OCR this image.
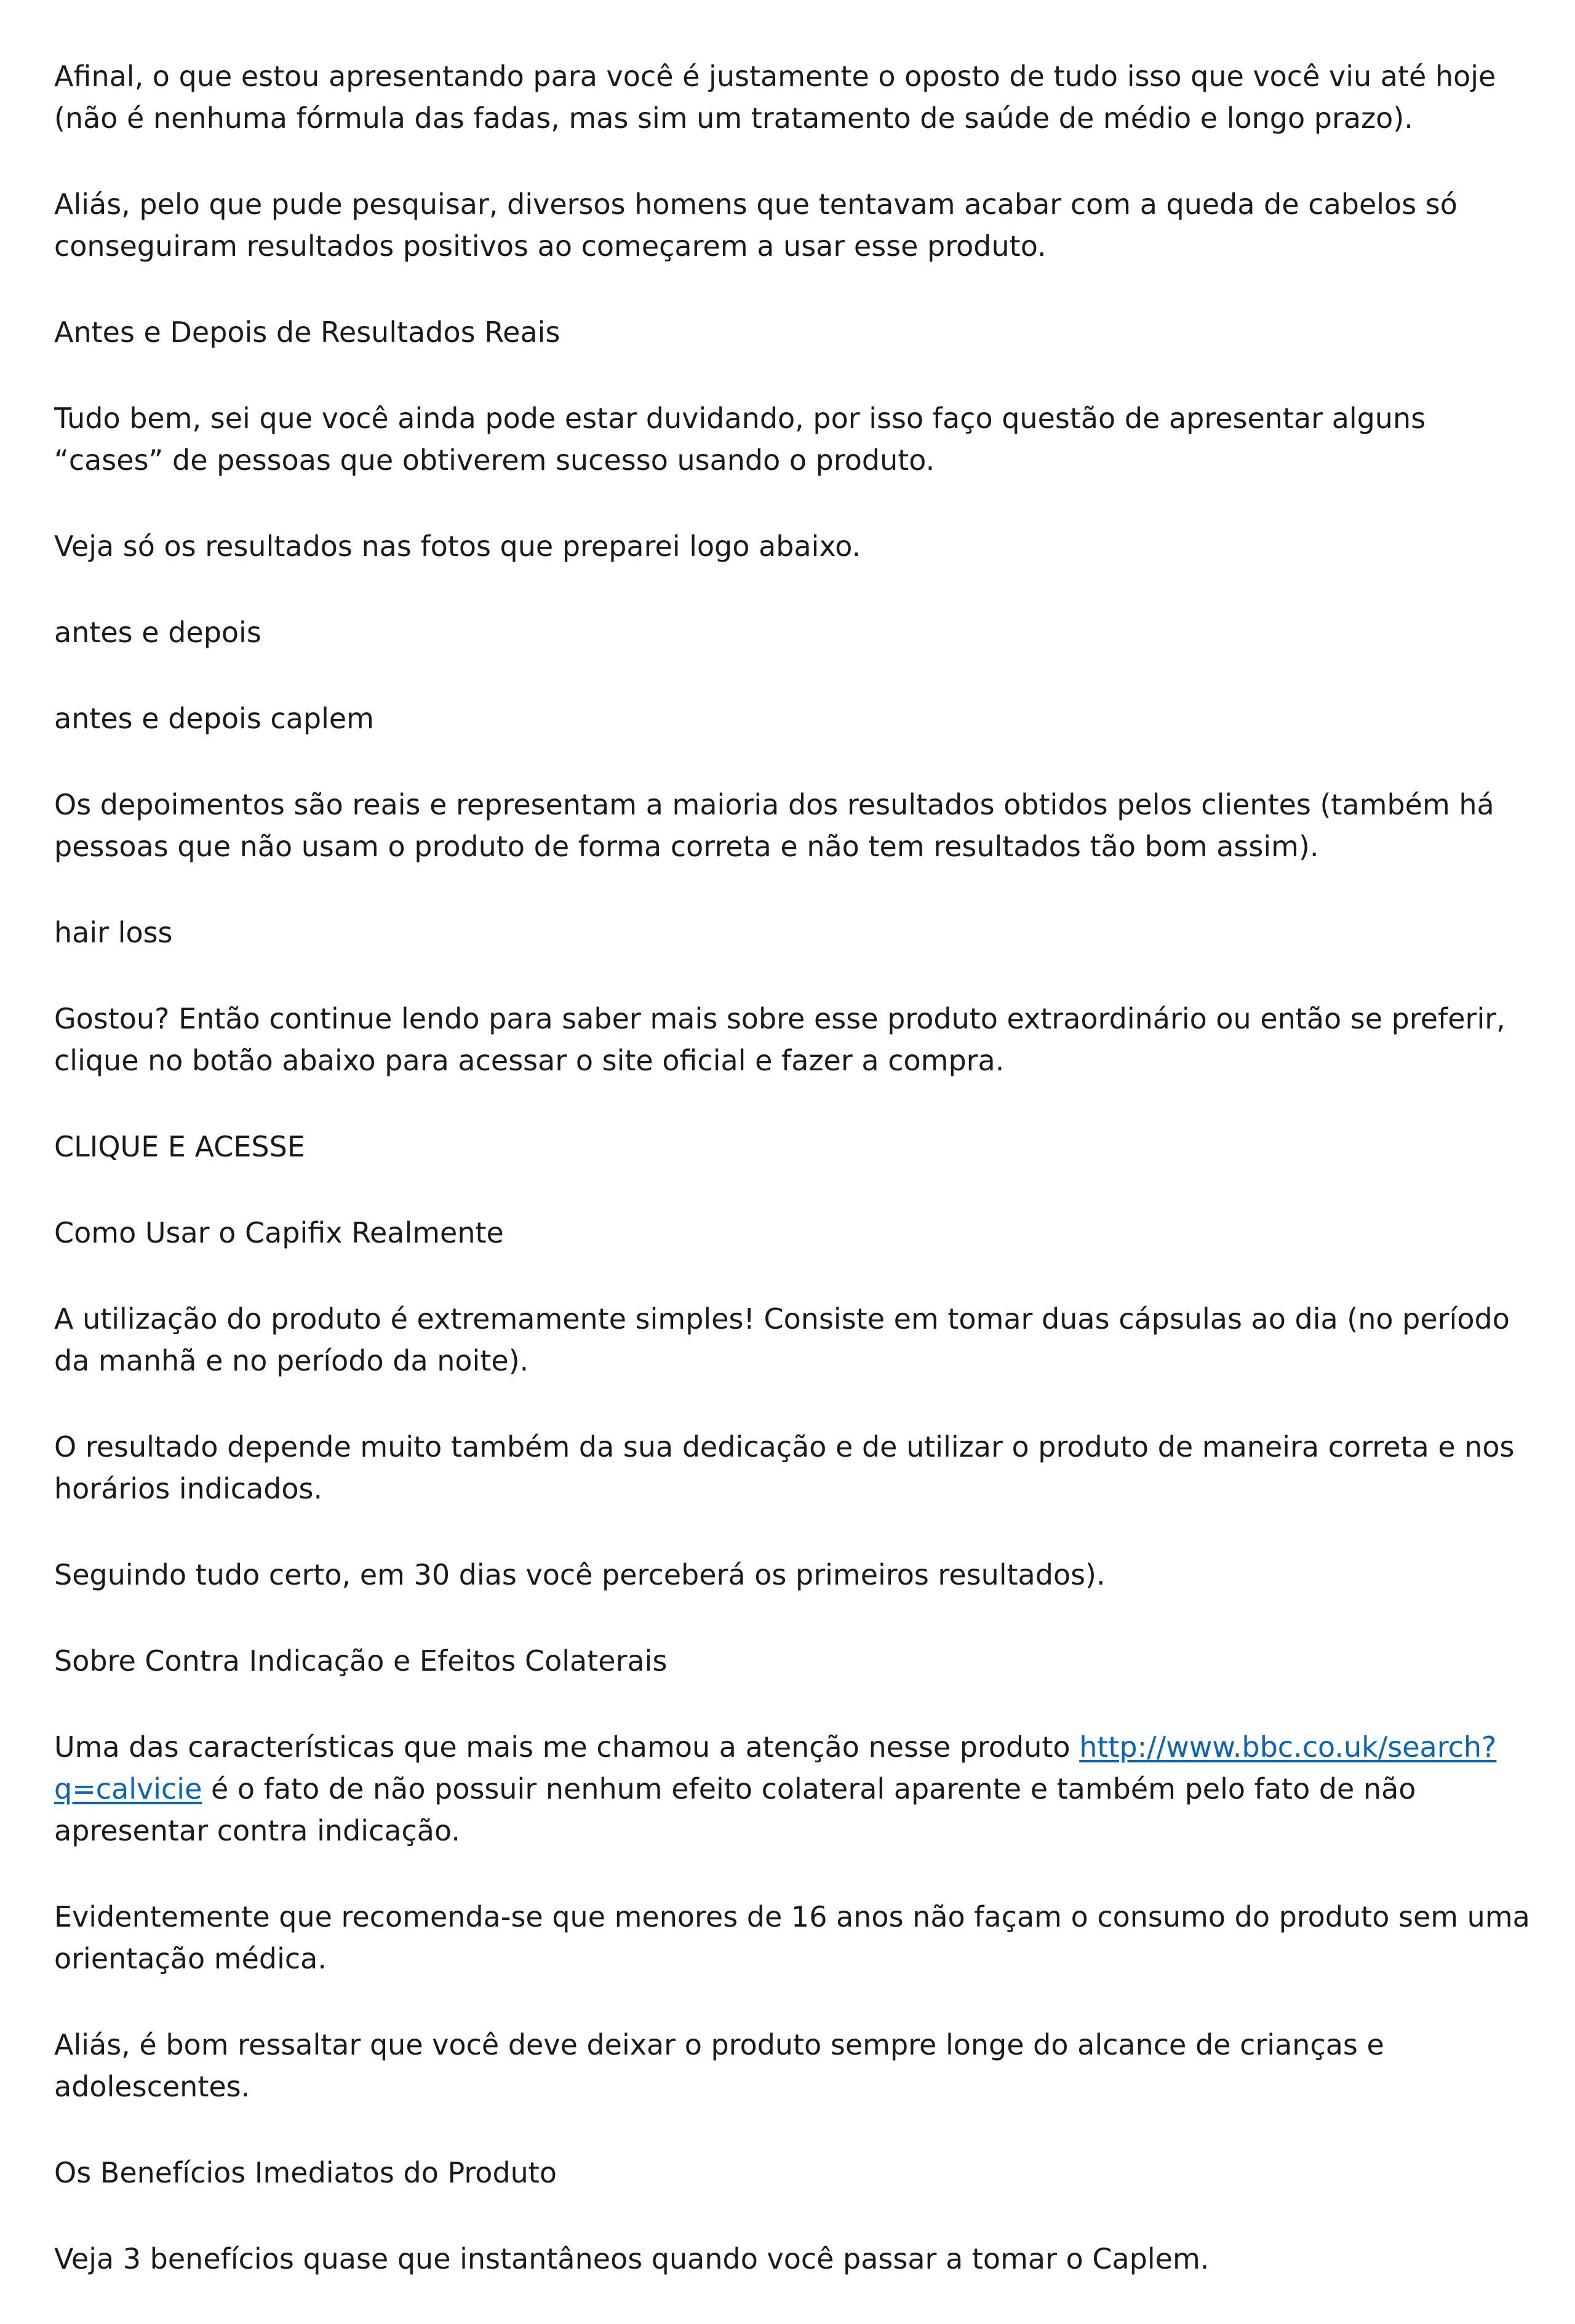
Afinal, o que estou apresentando para você é justamente o oposto de tudo isso que você viu até hoje (não é nenhuma fórmula das fadas, mas sim um tratamento de saúde de médio e longo prazo).

Aliás, pelo que pude pesquisar, diversos homens que tentavam acabar com a queda de cabelos só conseguiram resultados positivos ao começarem a usar esse produto.

Antes e Depois de Resultados Reais

Tudo bem, sei que você ainda pode estar duvidando, por isso faço questão de apresentar alguns “cases” de pessoas que obtiverem sucesso usando o produto.

Veja só os resultados nas fotos que preparei logo abaixo.

antes e depois

antes e depois caplem

Os depoimentos são reais e representam a maioria dos resultados obtidos pelos clientes (também há pessoas que não usam o produto de forma correta e não tem resultados tão bom assim).

hair loss

Gostou? Então continue lendo para saber mais sobre esse produto extraordinário ou então se preferir, clique no botão abaixo para acessar o site oficial e fazer a compra.

CLIQUE E ACESSE

Como Usar o Capifix Realmente

A utilização do produto é extremamente simples! Consiste em tomar duas cápsulas ao dia (no período da manhã e no período da noite).

O resultado depende muito também da sua dedicação e de utilizar o produto de maneira correta e nos horários indicados.

Seguindo tudo certo, em 30 dias você perceberá os primeiros resultados).

Sobre Contra Indicação e Efeitos Colaterais

Uma das características que mais me chamou a atenção nesse produto http://www.bbc.co.uk/search?q=calvicie é o fato de não possuir nenhum efeito colateral aparente e também pelo fato de não apresentar contra indicação.

Evidentemente que recomenda-se que menores de 16 anos não façam o consumo do produto sem uma orientação médica.

Aliás, é bom ressaltar que você deve deixar o produto sempre longe do alcance de crianças e adolescentes.

Os Benefícios Imediatos do Produto

Veja 3 benefícios quase que instantâneos quando você passar a tomar o Caplem.
